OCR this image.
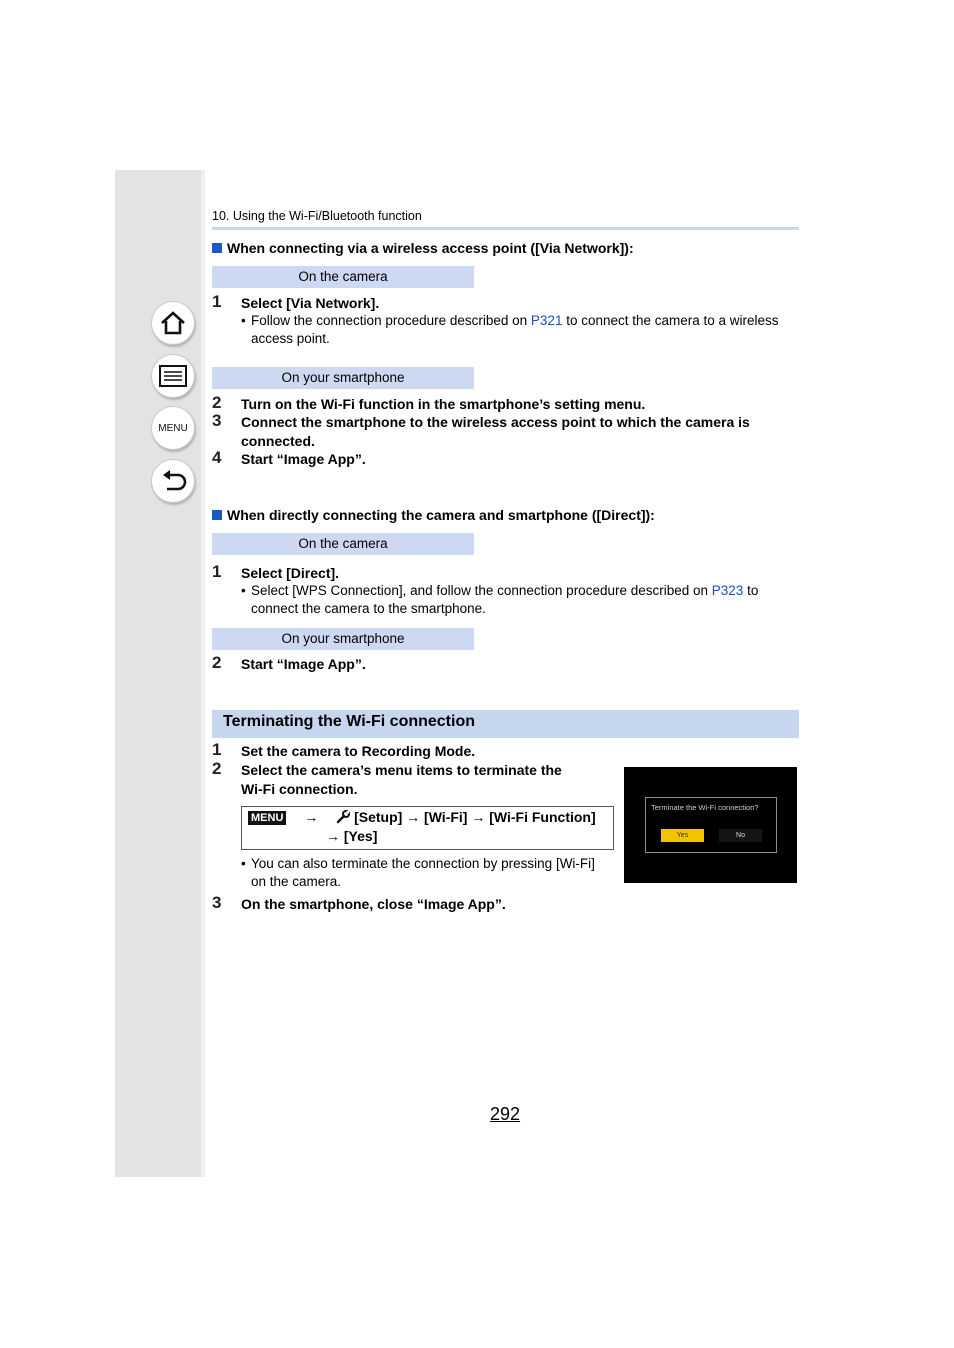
MENU
10. Using the Wi-Fi/Bluetooth function
When connecting via a wireless access point ([Via Network]):
On the camera
1 Select [Via Network].
• Follow the connection procedure described on P321 to connect the camera to a wireless
access point.
On your smartphone
2 Turn on the Wi-Fi function in the smartphone’s setting menu.
3 Connect the smartphone to the wireless access point to which the camera is
connected.
4 Start “Image App”.
When directly connecting the camera and smartphone ([Direct]):
On the camera
1 Select [Direct].
• Select [WPS Connection], and follow the connection procedure described on P323 to
connect the camera to the smartphone.
On your smartphone
2 Start “Image App”.
Terminating the Wi-Fi connection
1 Set the camera to Recording Mode.
2 Select the camera’s menu items to terminate the
Wi-Fi connection.
MENU →	[Setup] → [Wi-Fi] → [Wi-Fi Function]
→ [Yes]
• You can also terminate the connection by pressing [Wi-Fi]
on the camera.
3 On the smartphone, close “Image App”.
Terminate the Wi-Fi connection?
Yes	No
292
